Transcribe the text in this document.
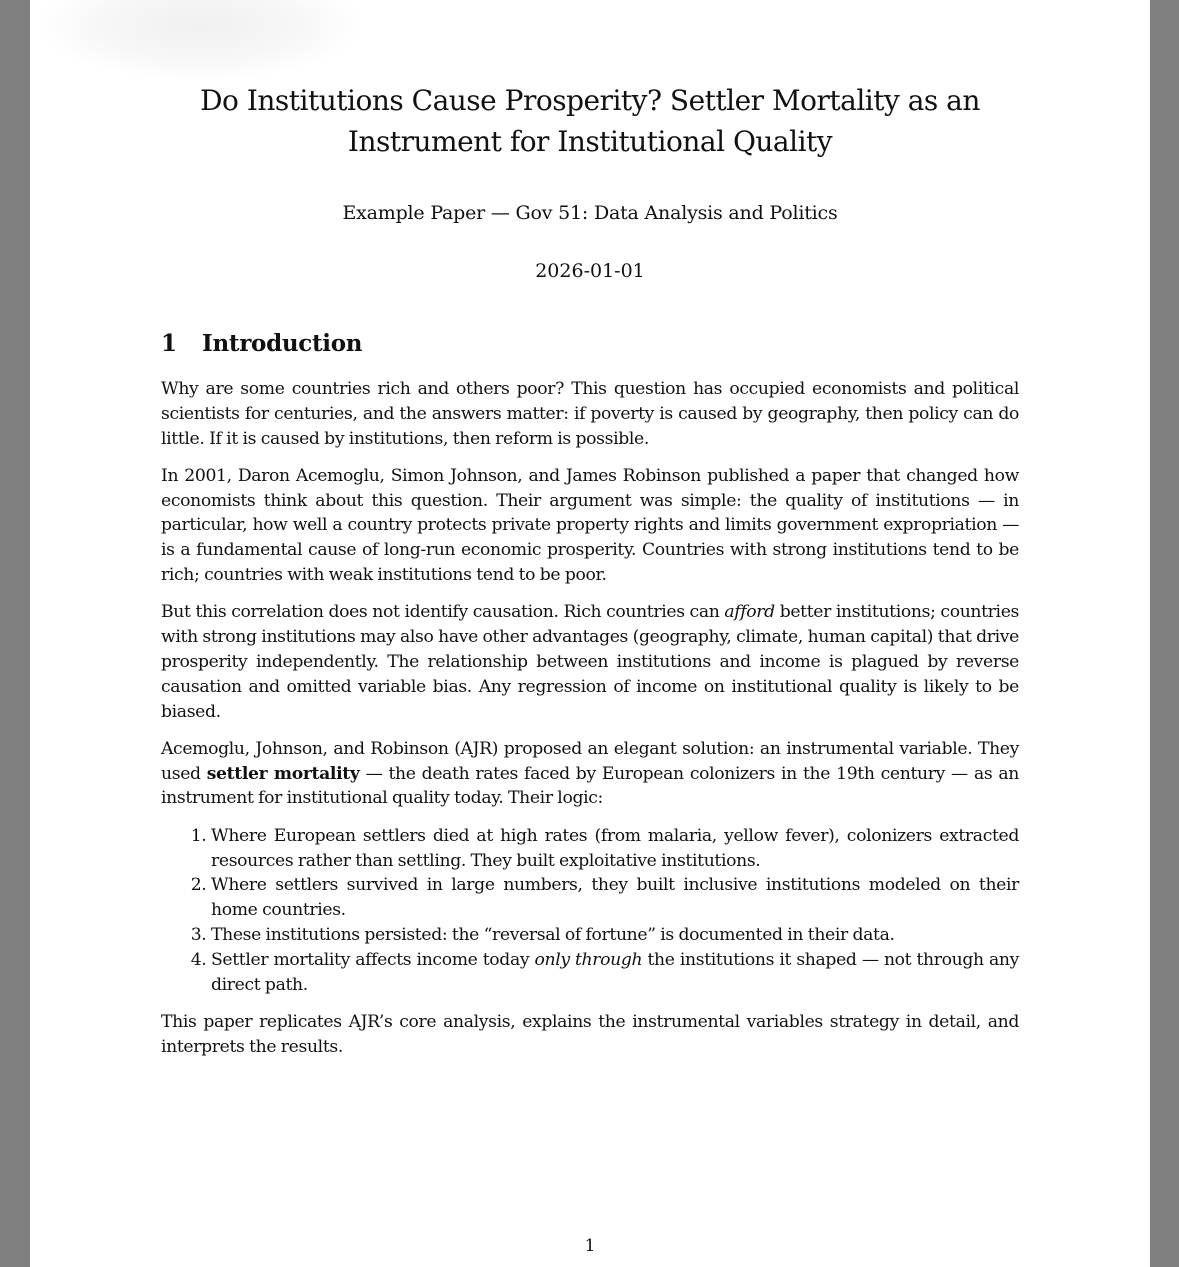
Do Institutions Cause Prosperity? Settler Mortality as an
Instrument for Institutional Quality
Example Paper — Gov 51: Data Analysis and Politics
2026-01-01
1 Introduction

Why are some countries rich and others poor? This question has occupied economists and political scientists for centuries, and the answers matter: if poverty is caused by geography, then policy can do little. If it is caused by institutions, then reform is possible.

In 2001, Daron Acemoglu, Simon Johnson, and James Robinson published a paper that changed how economists think about this question. Their argument was simple: the quality of institutions — in particular, how well a country protects private property rights and limits government expropriation — is a fundamental cause of long-run economic prosperity. Countries with strong institutions tend to be rich; countries with weak institutions tend to be poor.

But this correlation does not identify causation. Rich countries can afford better institutions; countries with strong institutions may also have other advantages (geography, climate, human capital) that drive prosperity independently. The relationship between institutions and income is plagued by reverse causation and omitted variable bias. Any regression of income on institutional quality is likely to be biased.

Acemoglu, Johnson, and Robinson (AJR) proposed an elegant solution: an instrumental variable. They used settler mortality — the death rates faced by European colonizers in the 19th century — as an instrument for institutional quality today. Their logic:

1. Where European settlers died at high rates (from malaria, yellow fever), colonizers extracted resources rather than settling. They built exploitative institutions.
2. Where settlers survived in large numbers, they built inclusive institutions modeled on their home countries.
3. These institutions persisted: the “reversal of fortune” is documented in their data.
4. Settler mortality affects income today only through the institutions it shaped — not through any direct path.

This paper replicates AJR’s core analysis, explains the instrumental variables strategy in detail, and interprets the results.

1
